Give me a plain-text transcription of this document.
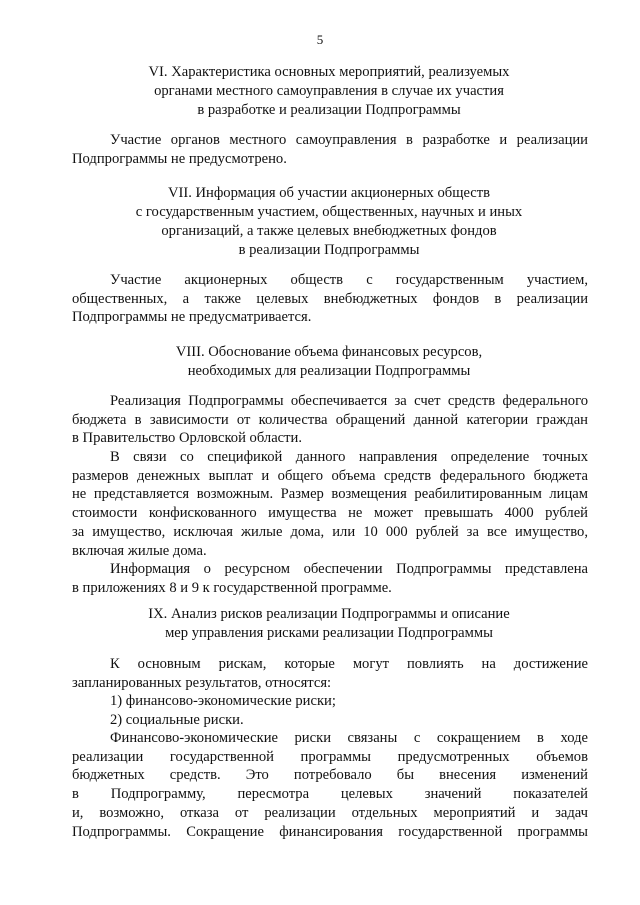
5
VI. Характеристика основных мероприятий, реализуемых
органами местного самоуправления в случае их участия
в разработке и реализации Подпрограммы
Участие органов местного самоуправления в разработке и реализации
Подпрограммы не предусмотрено.
VII. Информация об участии акционерных обществ
с государственным участием, общественных, научных и иных
организаций, а также целевых внебюджетных фондов
в реализации Подпрограммы
Участие акционерных обществ с государственным участием,
общественных, а также целевых внебюджетных фондов в реализации
Подпрограммы не предусматривается.
VIII. Обоснование объема финансовых ресурсов,
необходимых для реализации Подпрограммы
Реализация Подпрограммы обеспечивается за счет средств федерального
бюджета в зависимости от количества обращений данной категории граждан
в Правительство Орловской области.
В связи со спецификой данного направления определение точных
размеров денежных выплат и общего объема средств федерального бюджета
не представляется возможным. Размер возмещения реабилитированным лицам
стоимости конфискованного имущества не может превышать 4000 рублей
за имущество, исключая жилые дома, или 10 000 рублей за все имущество,
включая жилые дома.
Информация о ресурсном обеспечении Подпрограммы представлена
в приложениях 8 и 9 к государственной программе.
IX. Анализ рисков реализации Подпрограммы и описание
мер управления рисками реализации Подпрограммы
К основным рискам, которые могут повлиять на достижение
запланированных результатов, относятся:
1) финансово-экономические риски;
2) социальные риски.
Финансово-экономические риски связаны с сокращением в ходе
реализации государственной программы предусмотренных объемов
бюджетных средств. Это потребовало бы внесения изменений
в Подпрограмму, пересмотра целевых значений показателей
и, возможно, отказа от реализации отдельных мероприятий и задач
Подпрограммы. Сокращение финансирования государственной программы
